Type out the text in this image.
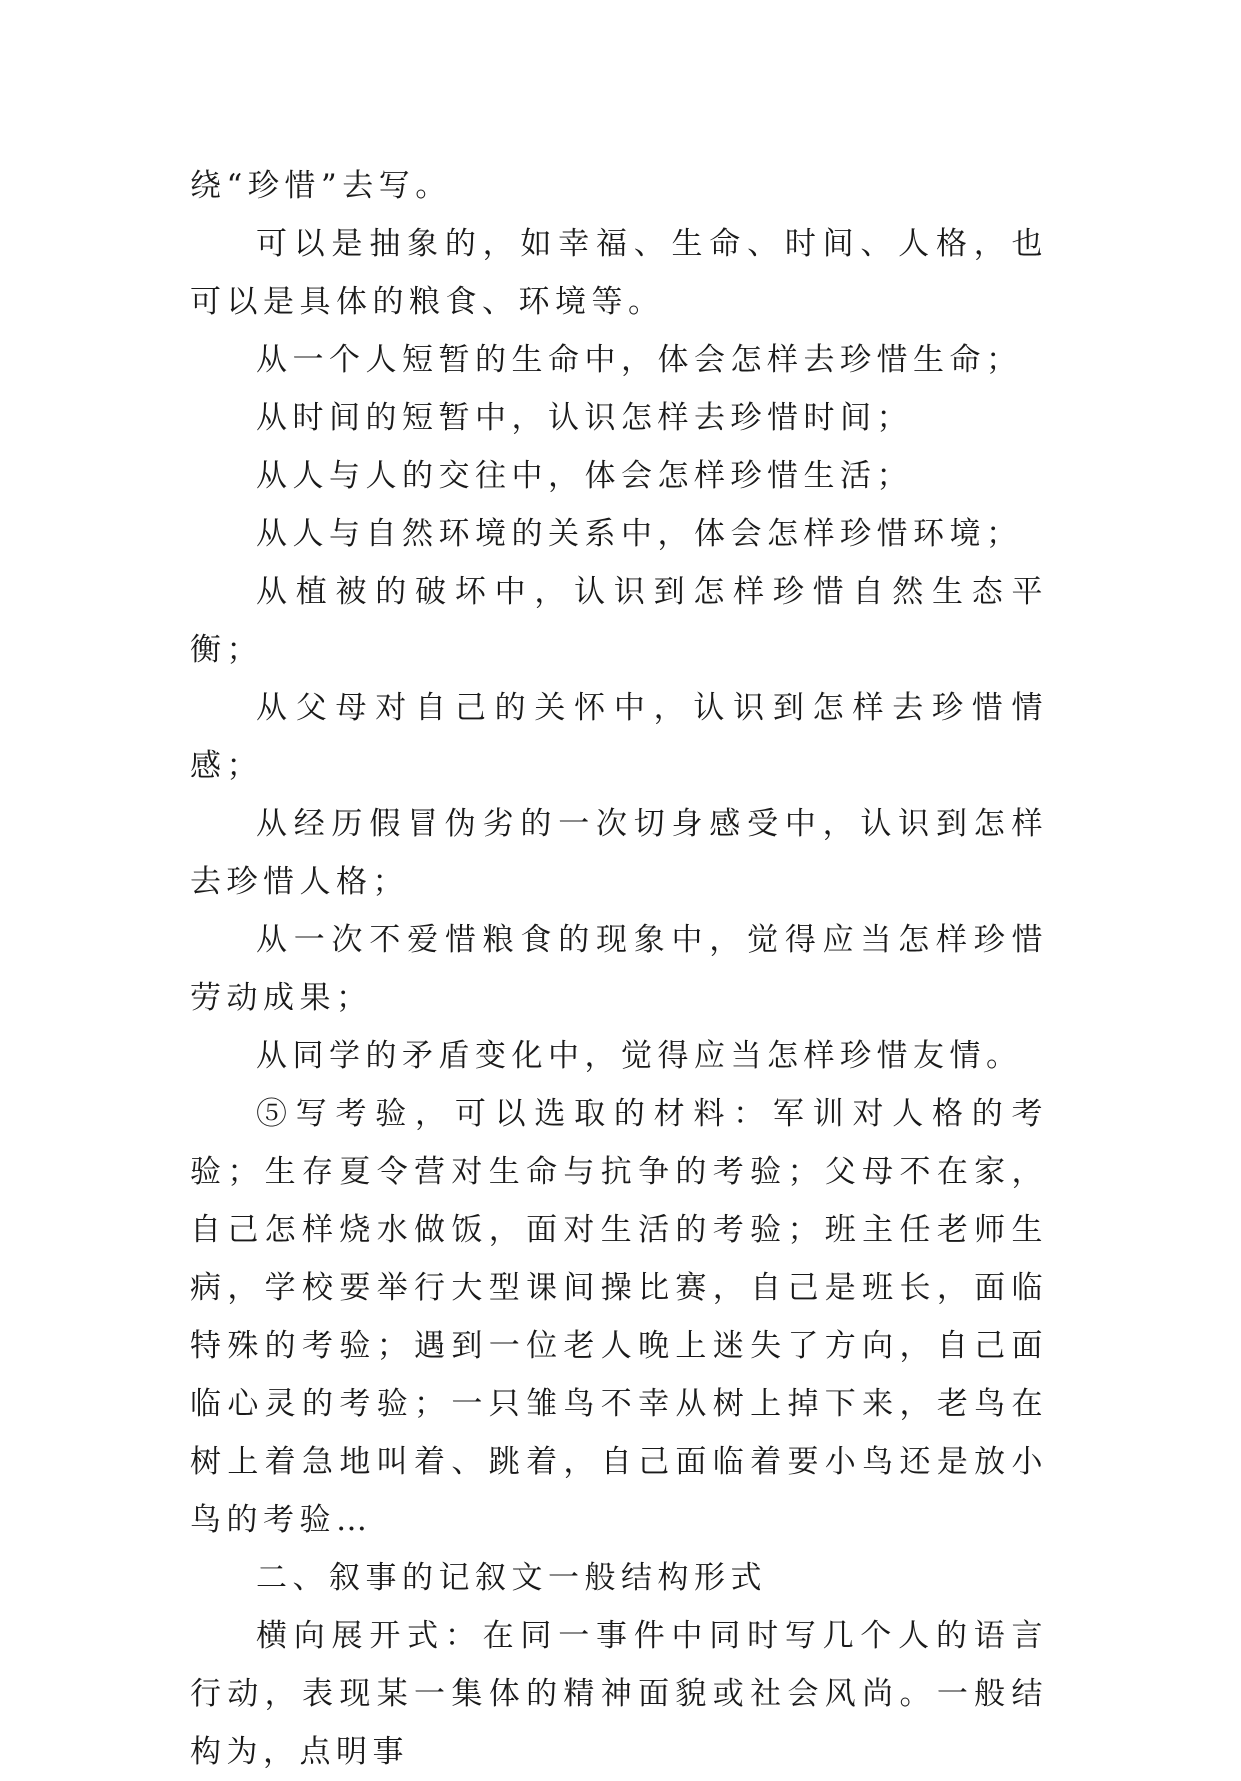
绕“珍惜”去写。

可以是抽象的，如幸福、生命、时间、人格，也可以是具体的粮食、环境等。

从一个人短暂的生命中，体会怎样去珍惜生命；

从时间的短暂中，认识怎样去珍惜时间；

从人与人的交往中，体会怎样珍惜生活；

从人与自然环境的关系中，体会怎样珍惜环境；

从植被的破坏中，认识到怎样珍惜自然生态平衡；

从父母对自己的关怀中，认识到怎样去珍惜情感；

从经历假冒伪劣的一次切身感受中，认识到怎样去珍惜人格；

从一次不爱惜粮食的现象中，觉得应当怎样珍惜劳动成果；

从同学的矛盾变化中，觉得应当怎样珍惜友情。

⑤写考验，可以选取的材料：军训对人格的考验；生存夏令营对生命与抗争的考验；父母不在家，自己怎样烧水做饭，面对生活的考验；班主任老师生病，学校要举行大型课间操比赛，自己是班长，面临特殊的考验；遇到一位老人晚上迷失了方向，自己面临心灵的考验；一只雏鸟不幸从树上掉下来，老鸟在树上着急地叫着、跳着，自己面临着要小鸟还是放小鸟的考验…

二、叙事的记叙文一般结构形式

横向展开式：在同一事件中同时写几个人的语言行动，表现某一集体的精神面貌或社会风尚。一般结构为，点明事
